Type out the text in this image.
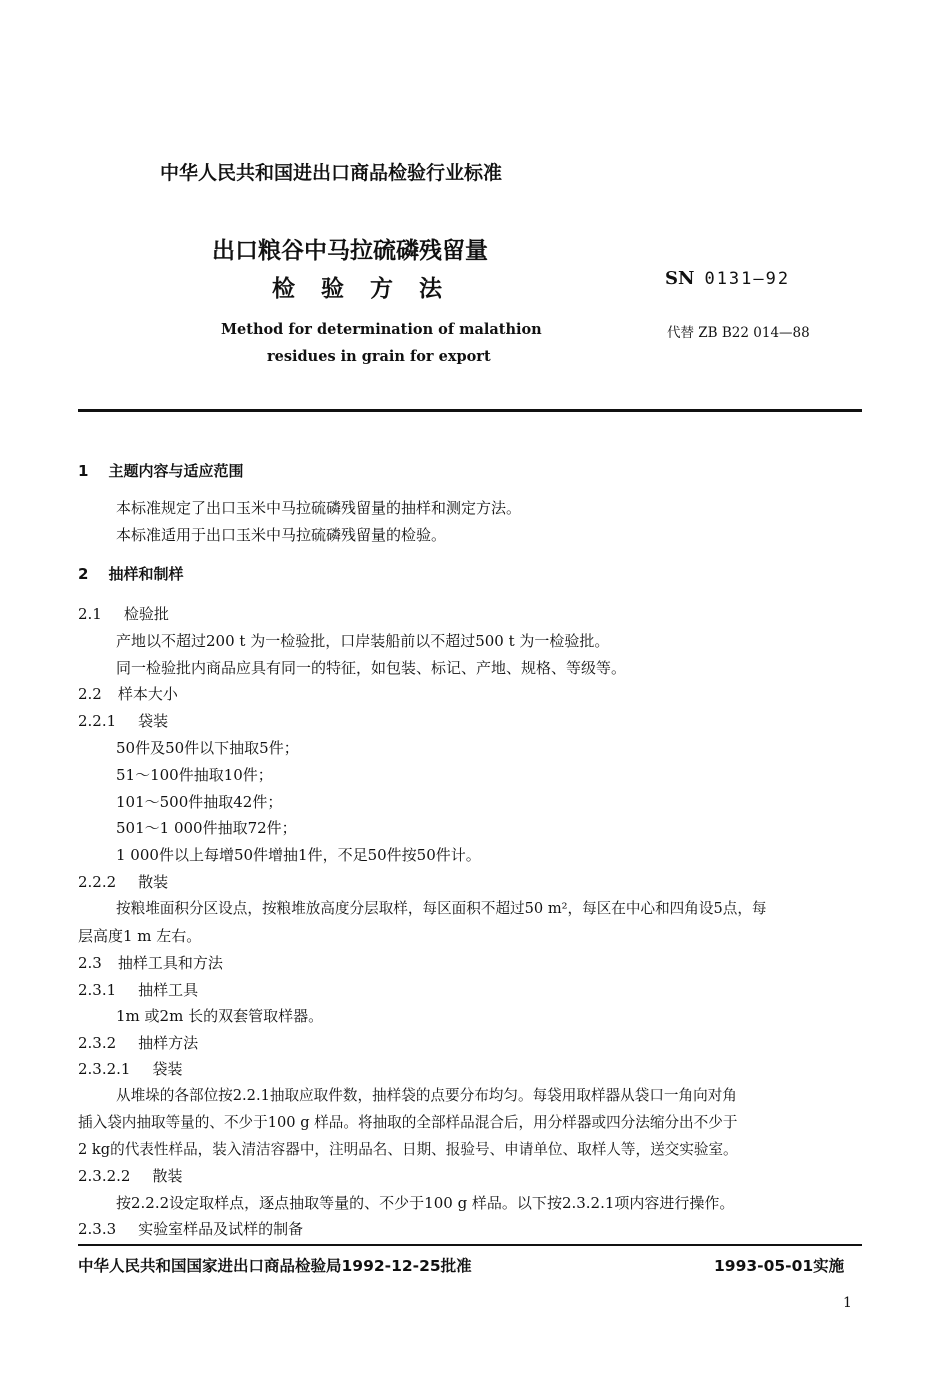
中华人民共和国进出口商品检验行业标准
出口粮谷中马拉硫磷残留量
检验方法	SN 0131—92
Method for determination of malathion
residues in grain for export
代替 ZB B22 014—88
1 主题内容与适应范围
本标准规定了出口玉米中马拉硫磷残留量的抽样和测定方法。
本标准适用于出口玉米中马拉硫磷残留量的检验。
2 抽样和制样
2.1 检验批
产地以不超过200 t 为一检验批，口岸装船前以不超过500 t 为一检验批。
同一检验批内商品应具有同一的特征，如包装、标记、产地、规格、等级等。
2.2 样本大小
2.2.1 袋装
50件及50件以下抽取5件；
51～100件抽取10件；
101～500件抽取42件；
501～1 000件抽取72件；
1 000件以上每增50件增抽1件，不足50件按50件计。
2.2.2 散装
按粮堆面积分区设点，按粮堆放高度分层取样，每区面积不超过50 m²，每区在中心和四角设5点，每
层高度1 m 左右。
2.3 抽样工具和方法
2.3.1 抽样工具
1m 或2m 长的双套管取样器。
2.3.2 抽样方法
2.3.2.1 袋装
从堆垛的各部位按2.2.1抽取应取件数，抽样袋的点要分布均匀。每袋用取样器从袋口一角向对角
插入袋内抽取等量的、不少于100 g 样品。将抽取的全部样品混合后，用分样器或四分法缩分出不少于
2 kg的代表性样品，装入清洁容器中，注明品名、日期、报验号、申请单位、取样人等，送交实验室。
2.3.2.2 散装
按2.2.2设定取样点，逐点抽取等量的、不少于100 g 样品。以下按2.3.2.1项内容进行操作。
2.3.3 实验室样品及试样的制备
中华人民共和国国家进出口商品检验局1992-12-25批准	1993-05-01实施
1
